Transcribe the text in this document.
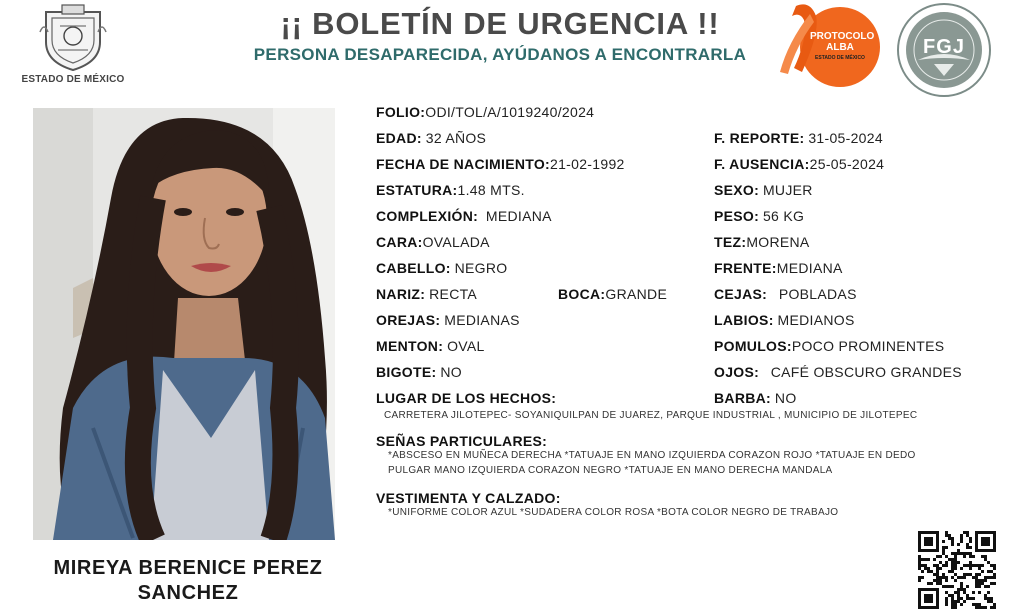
ESTADO DE MÉXICO
¡¡ BOLETÍN DE URGENCIA !!
PERSONA DESAPARECIDA, AYÚDANOS A ENCONTRARLA
PROTOCOLO
ALBA
ESTADO DE MÉXICO	FGJ
MIREYA BERENICE PEREZ
SANCHEZ
FOLIO:ODI/TOL/A/1019240/2024
EDAD: 32 AÑOS
FECHA DE NACIMIENTO:21-02-1992
ESTATURA:1.48 MTS.
COMPLEXIÓN: MEDIANA
CARA:OVALADA
CABELLO: NEGRO
NARIZ: RECTA	BOCA:GRANDE
OREJAS: MEDIANAS
MENTON: OVAL
BIGOTE: NO
LUGAR DE LOS HECHOS:
F. REPORTE: 31-05-2024
F. AUSENCIA:25-05-2024
SEXO: MUJER
PESO: 56 KG
TEZ:MORENA
FRENTE:MEDIANA
CEJAS: POBLADAS
LABIOS: MEDIANOS
POMULOS:POCO PROMINENTES
OJOS: CAFÉ OBSCURO GRANDES
BARBA: NO
CARRETERA JILOTEPEC- SOYANIQUILPAN DE JUAREZ, PARQUE INDUSTRIAL , MUNICIPIO DE JILOTEPEC
SEÑAS PARTICULARES:
*ABSCESO EN MUÑECA DERECHA *TATUAJE EN MANO IZQUIERDA CORAZON ROJO *TATUAJE EN DEDO
PULGAR MANO IZQUIERDA CORAZON NEGRO *TATUAJE EN MANO DERECHA MANDALA
VESTIMENTA Y CALZADO:
*UNIFORME COLOR AZUL *SUDADERA COLOR ROSA *BOTA COLOR NEGRO DE TRABAJO
